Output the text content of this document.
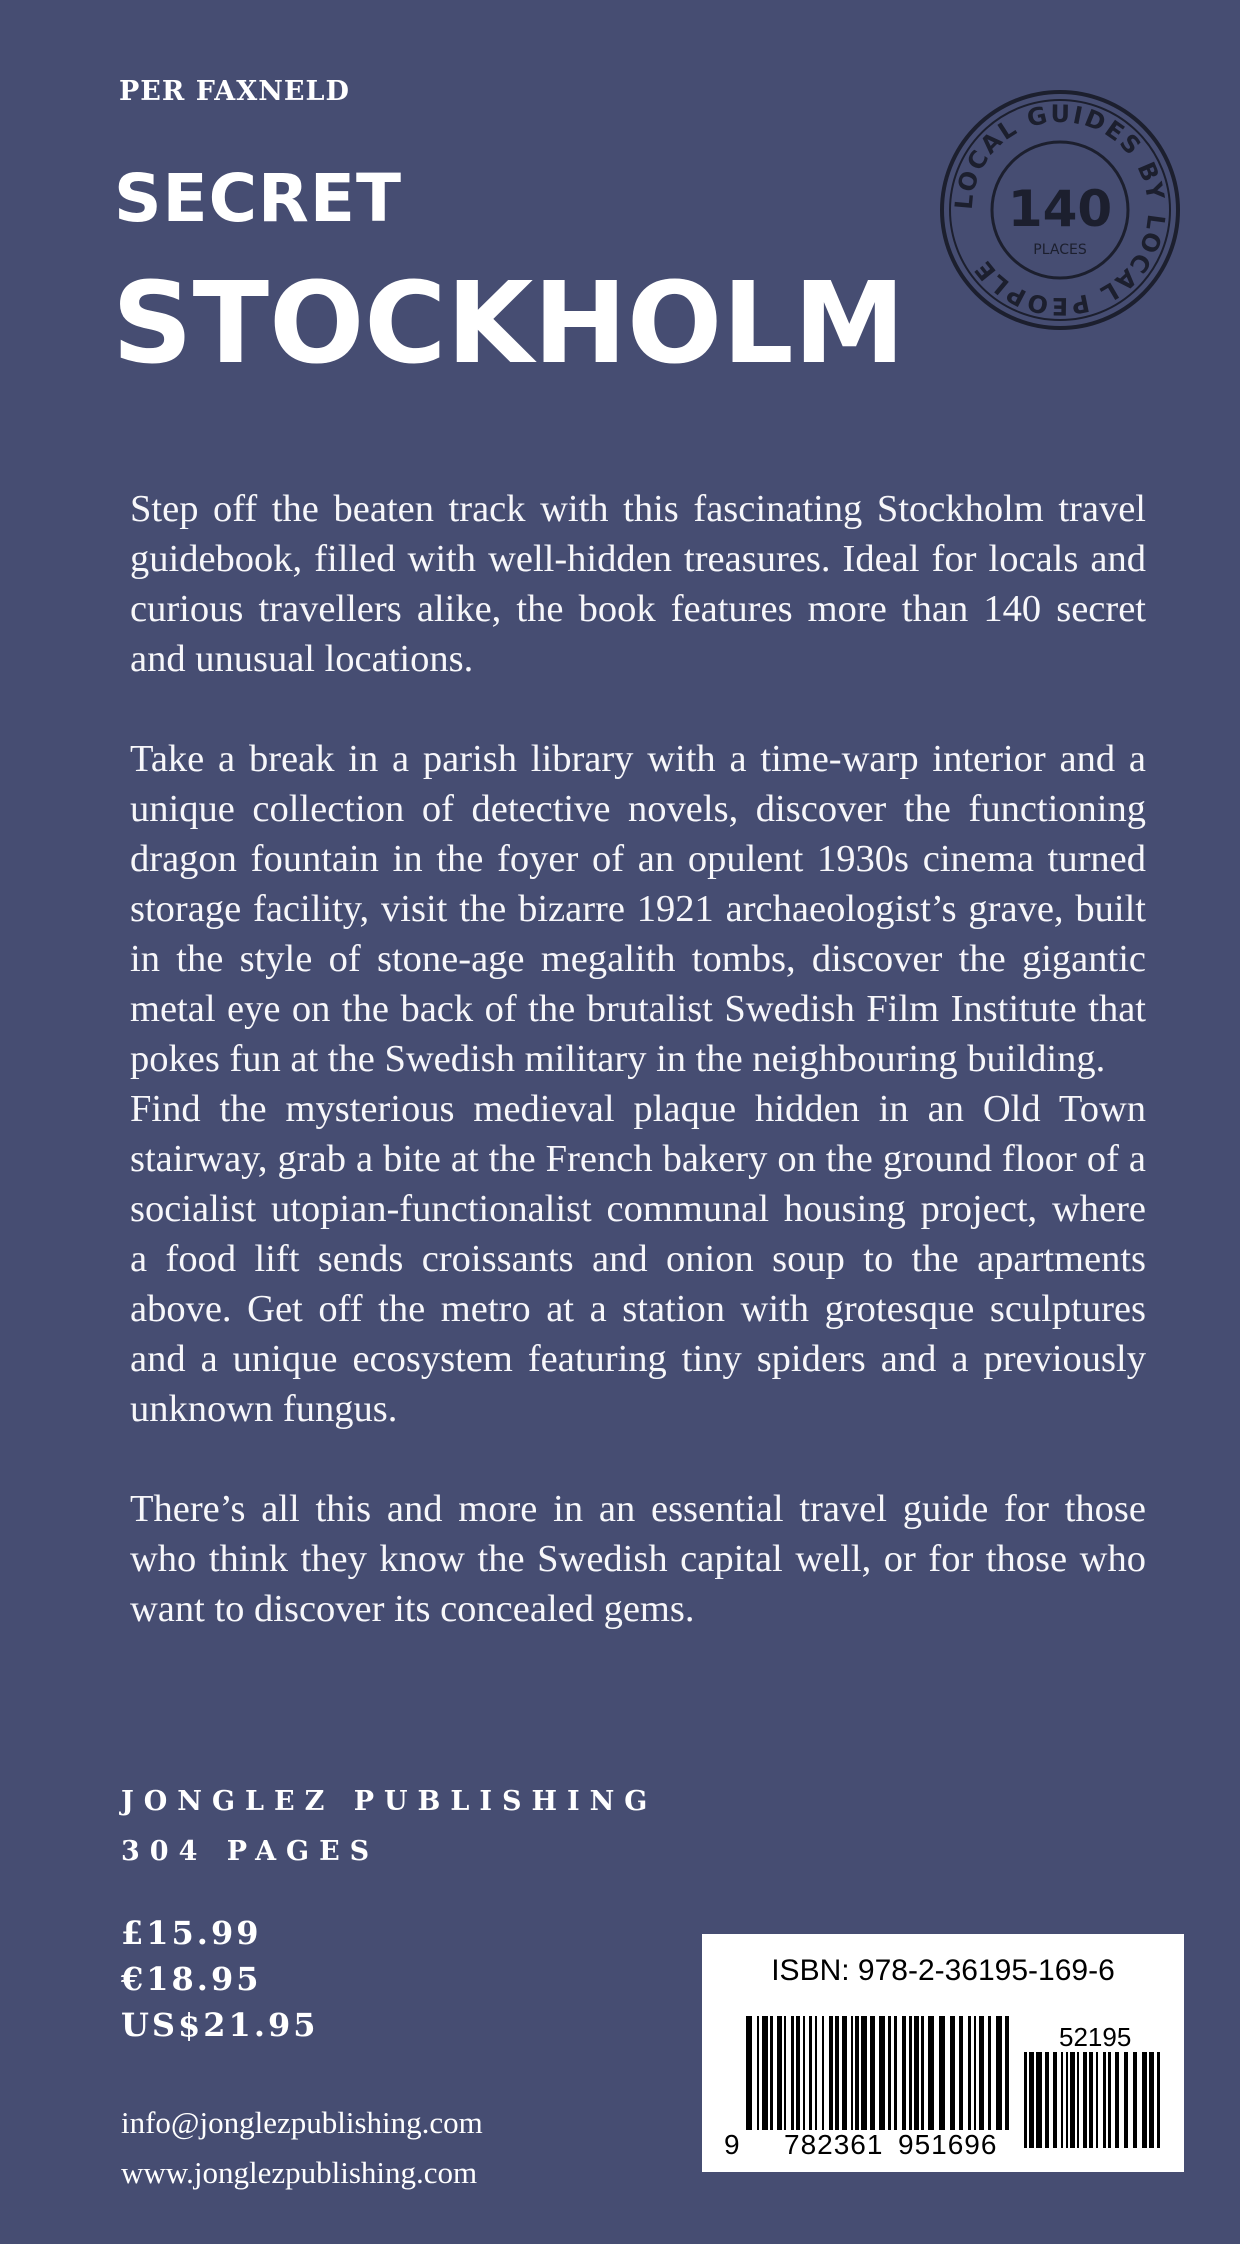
PER FAXNELD
SECRET
STOCKHOLM
LOCAL GUIDES BY LOCAL PEOPLE
140
PLACES

Step off the beaten track with this fascinating Stockholm travel guidebook, filled with well-hidden treasures. Ideal for locals and curious travellers alike, the book features more than 140 secret and unusual locations.

Take a break in a parish library with a time-warp interior and a unique collection of detective novels, discover the functioning dragon fountain in the foyer of an opulent 1930s cinema turned storage facility, visit the bizarre 1921 archaeologist’s grave, built in the style of stone-age megalith tombs, discover the gigantic metal eye on the back of the brutalist Swedish Film Institute that pokes fun at the Swedish military in the neighbouring building.

Find the mysterious medieval plaque hidden in an Old Town stairway, grab a bite at the French bakery on the ground floor of a socialist utopian-functionalist communal housing project, where a food lift sends croissants and onion soup to the apartments above. Get off the metro at a station with grotesque sculptures and a unique ecosystem featuring tiny spiders and a previously unknown fungus.

There’s all this and more in an essential travel guide for those who think they know the Swedish capital well, or for those who want to discover its concealed gems.

JONGLEZ PUBLISHING
304 PAGES
£15.99
€18.95
US$21.95
info@jonglezpublishing.com
www.jonglezpublishing.com
ISBN: 978-2-36195-169-6
9 782361 951696
52195
